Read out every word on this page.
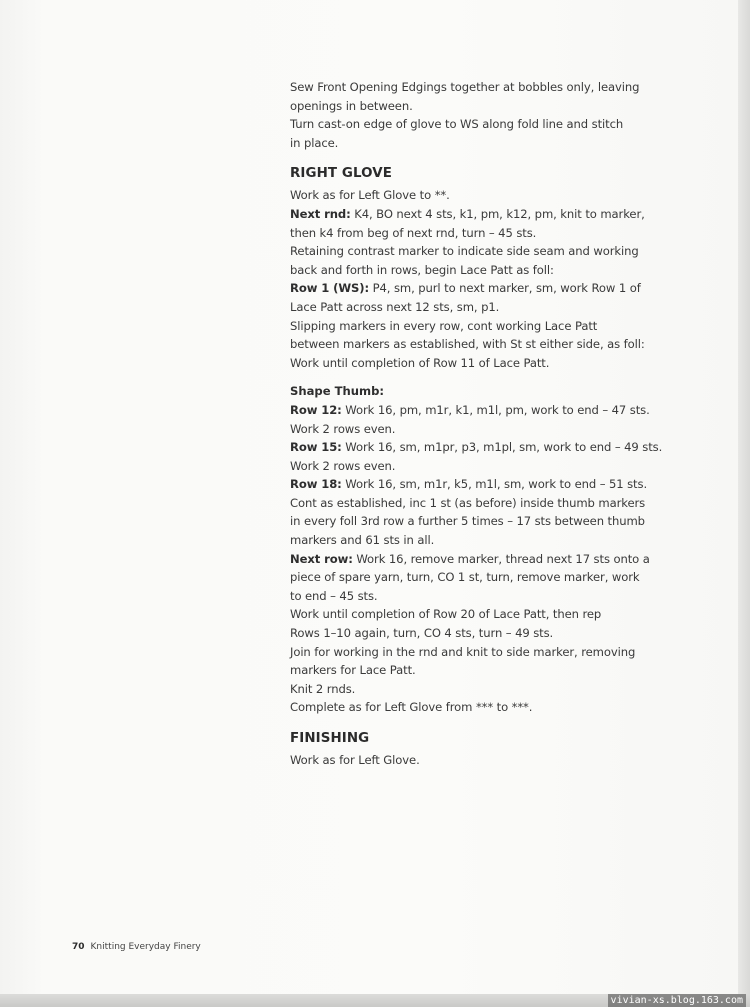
Sew Front Opening Edgings together at bobbles only, leaving

openings in between.

Turn cast-on edge of glove to WS along fold line and stitch

in place.

RIGHT GLOVE

Work as for Left Glove to **.

Next rnd: K4, BO next 4 sts, k1, pm, k12, pm, knit to marker,

then k4 from beg of next rnd, turn – 45 sts.

Retaining contrast marker to indicate side seam and working

back and forth in rows, begin Lace Patt as foll:

Row 1 (WS): P4, sm, purl to next marker, sm, work Row 1 of

Lace Patt across next 12 sts, sm, p1.

Slipping markers in every row, cont working Lace Patt

between markers as established, with St st either side, as foll:

Work until completion of Row 11 of Lace Patt.

Shape Thumb:

Row 12: Work 16, pm, m1r, k1, m1l, pm, work to end – 47 sts.

Work 2 rows even.

Row 15: Work 16, sm, m1pr, p3, m1pl, sm, work to end – 49 sts.

Work 2 rows even.

Row 18: Work 16, sm, m1r, k5, m1l, sm, work to end – 51 sts.

Cont as established, inc 1 st (as before) inside thumb markers

in every foll 3rd row a further 5 times – 17 sts between thumb

markers and 61 sts in all.

Next row: Work 16, remove marker, thread next 17 sts onto a

piece of spare yarn, turn, CO 1 st, turn, remove marker, work

to end – 45 sts.

Work until completion of Row 20 of Lace Patt, then rep

Rows 1–10 again, turn, CO 4 sts, turn – 49 sts.

Join for working in the rnd and knit to side marker, removing

markers for Lace Patt.

Knit 2 rnds.

Complete as for Left Glove from *** to ***.

FINISHING

Work as for Left Glove.

70 Knitting Everyday Finery
vivian-xs.blog.163.com
